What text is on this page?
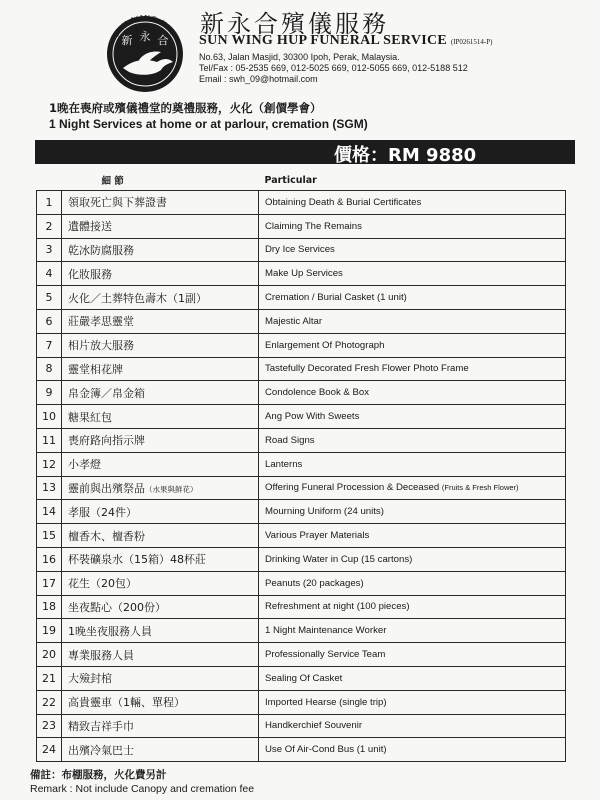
SUN WING HUP
新 永 合
新永合殯儀服務
SUN WING HUP FUNERAL SERVICE (IP0261514-P)
No.63, Jalan Masjid, 30300 Ipoh, Perak, Malaysia.
Tel/Fax : 05-2535 669, 012-5025 669, 012-5055 669, 012-5188 512
Email : swh_09@hotmail.com
1晚在喪府或殯儀禮堂的奠禮服務，火化（創價學會）
1 Night Services at home or at parlour, cremation (SGM)
價格：RM 9880
	細 節	Particular
1	領取死亡與下葬證書	Obtaining Death & Burial Certificates
2	遺體接送	Claiming The Remains
3	乾冰防腐服務	Dry Ice Services
4	化妝服務	Make Up Services
5	火化／土葬特色壽木（1副）	Cremation / Burial Casket (1 unit)
6	莊嚴孝思靈堂	Majestic Altar
7	相片放大服務	Enlargement Of Photograph
8	靈堂相花牌	Tastefully Decorated Fresh Flower Photo Frame
9	帛金簿／帛金箱	Condolence Book & Box
10	糖果紅包	Ang Pow With Sweets
11	喪府路向指示牌	Road Signs
12	小孝燈	Lanterns
13	靈前與出殯祭品（水果與鮮花）	Offering Funeral Procession & Deceased (Fruits & Fresh Flower)
14	孝服（24件）	Mourning Uniform (24 units)
15	檀香木、檀香粉	Various Prayer Materials
16	杯裝礦泉水（15箱）48杯莊	Drinking Water in Cup (15 cartons)
17	花生（20包）	Peanuts (20 packages)
18	坐夜點心（200份）	Refreshment at night (100 pieces)
19	1晚坐夜服務人員	1 Night Maintenance Worker
20	專業服務人員	Professionally Service Team
21	大殮封棺	Sealing Of Casket
22	高貴靈車（1輛、單程）	Imported Hearse (single trip)
23	精致吉祥手巾	Handkerchief Souvenir
24	出殯冷氣巴士	Use Of Air-Cond Bus (1 unit)
備註：布棚服務，火化費另計
Remark : Not include Canopy and cremation fee
